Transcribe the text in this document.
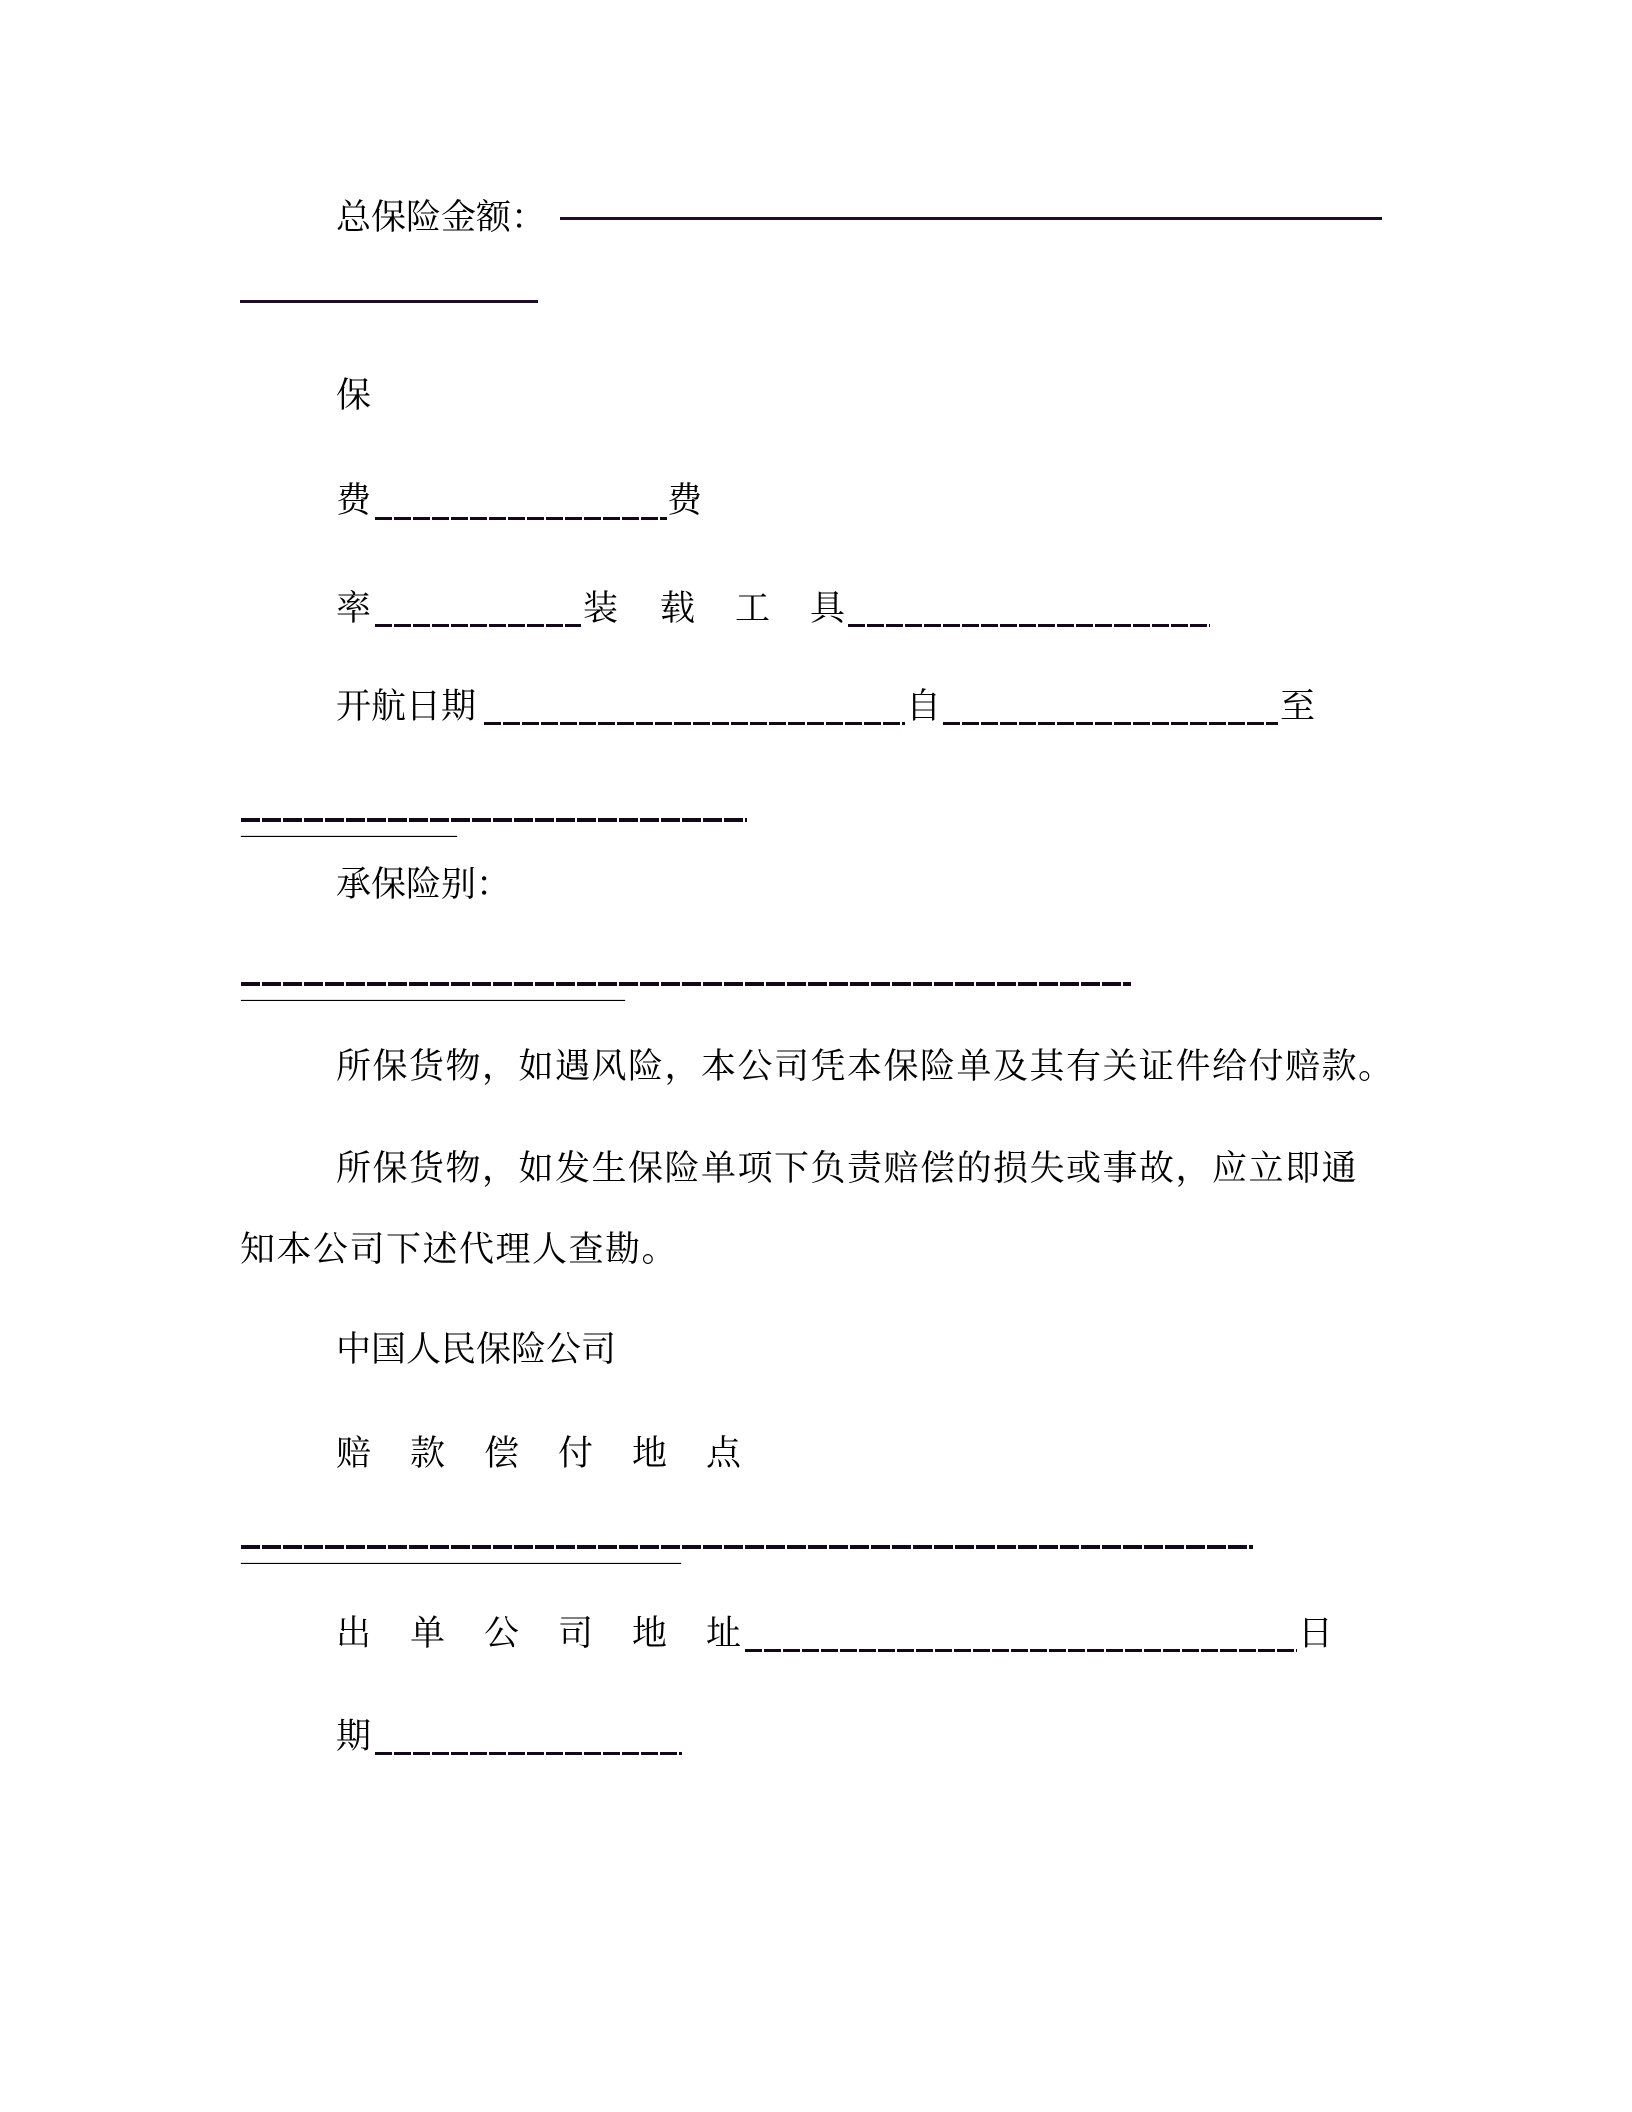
总保险金额：
保
费	费
率	装 载 工 具
开航日期	自	至
___________________________
承保险别：
________________________________________________
所保货物，如遇风险，本公司凭本保险单及其有关证件给付赔款。
所保货物，如发生保险单项下负责赔偿的损失或事故，应立即通
知本公司下述代理人查勘。
中国人民保险公司
赔 款 偿 付 地 点
_______________________________________________________
出 单 公 司 地 址	日
期
